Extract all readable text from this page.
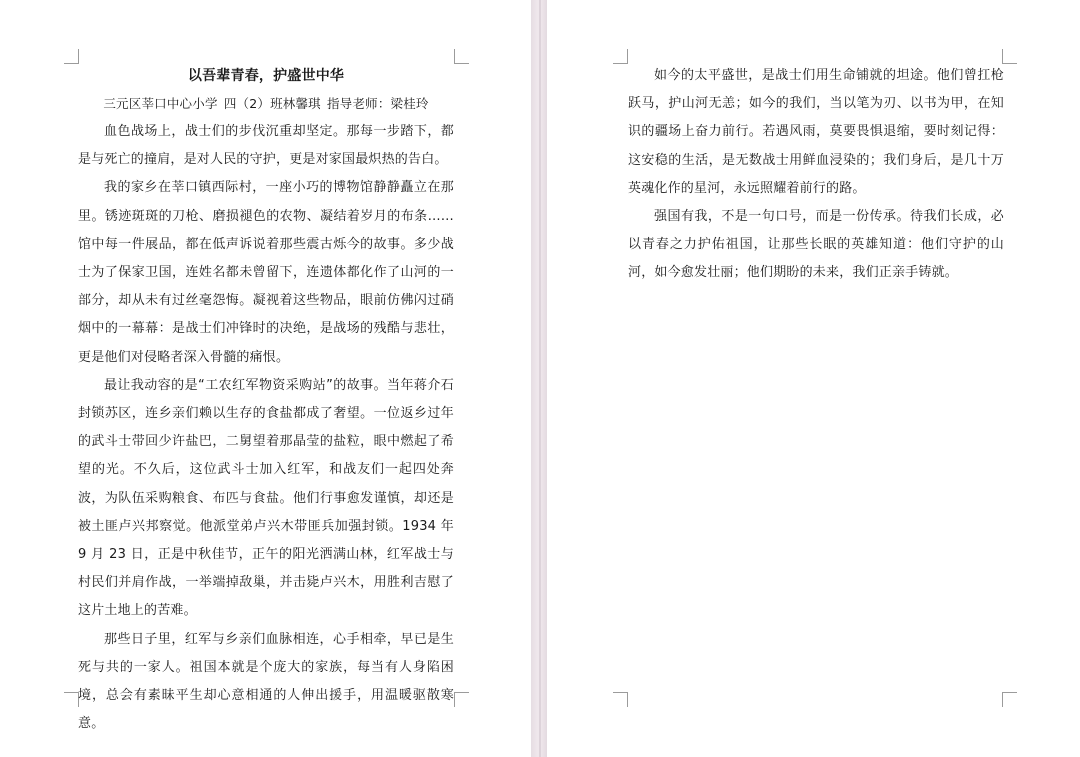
以吾辈青春，护盛世中华

三元区莘口中心小学 四（2）班林馨琪 指导老师：梁桂玲

血色战场上，战士们的步伐沉重却坚定。那每一步踏下，都是与死亡的撞肩，是对人民的守护，更是对家国最炽热的告白。

我的家乡在莘口镇西际村，一座小巧的博物馆静静矗立在那里。锈迹斑斑的刀枪、磨损褪色的农物、凝结着岁月的布条……馆中每一件展品，都在低声诉说着那些震古烁今的故事。多少战士为了保家卫国，连姓名都未曾留下，连遗体都化作了山河的一部分，却从未有过丝毫怨悔。凝视着这些物品，眼前仿佛闪过硝烟中的一幕幕：是战士们冲锋时的决绝，是战场的残酷与悲壮，更是他们对侵略者深入骨髓的痛恨。

最让我动容的是“工农红军物资采购站”的故事。当年蒋介石封锁苏区，连乡亲们赖以生存的食盐都成了奢望。一位返乡过年的武斗士带回少许盐巴，二舅望着那晶莹的盐粒，眼中燃起了希望的光。不久后，这位武斗士加入红军，和战友们一起四处奔波，为队伍采购粮食、布匹与食盐。他们行事愈发谨慎，却还是被土匪卢兴邦察觉。他派堂弟卢兴木带匪兵加强封锁。1934 年 9 月 23 日，正是中秋佳节，正午的阳光洒满山林，红军战士与村民们并肩作战，一举端掉敌巢，并击毙卢兴木，用胜利吉慰了这片土地上的苦难。

那些日子里，红军与乡亲们血脉相连，心手相牵，早已是生死与共的一家人。祖国本就是个庞大的家族，每当有人身陷困境，总会有素昧平生却心意相通的人伸出援手，用温暖驱散寒意。

如今的太平盛世，是战士们用生命铺就的坦途。他们曾扛枪跃马，护山河无恙；如今的我们，当以笔为刃、以书为甲，在知识的疆场上奋力前行。若遇风雨，莫要畏惧退缩，要时刻记得：这安稳的生活，是无数战士用鲜血浸染的；我们身后，是几十万英魂化作的星河，永远照耀着前行的路。

强国有我，不是一句口号，而是一份传承。待我们长成，必以青春之力护佑祖国，让那些长眠的英雄知道：他们守护的山河，如今愈发壮丽；他们期盼的未来，我们正亲手铸就。
